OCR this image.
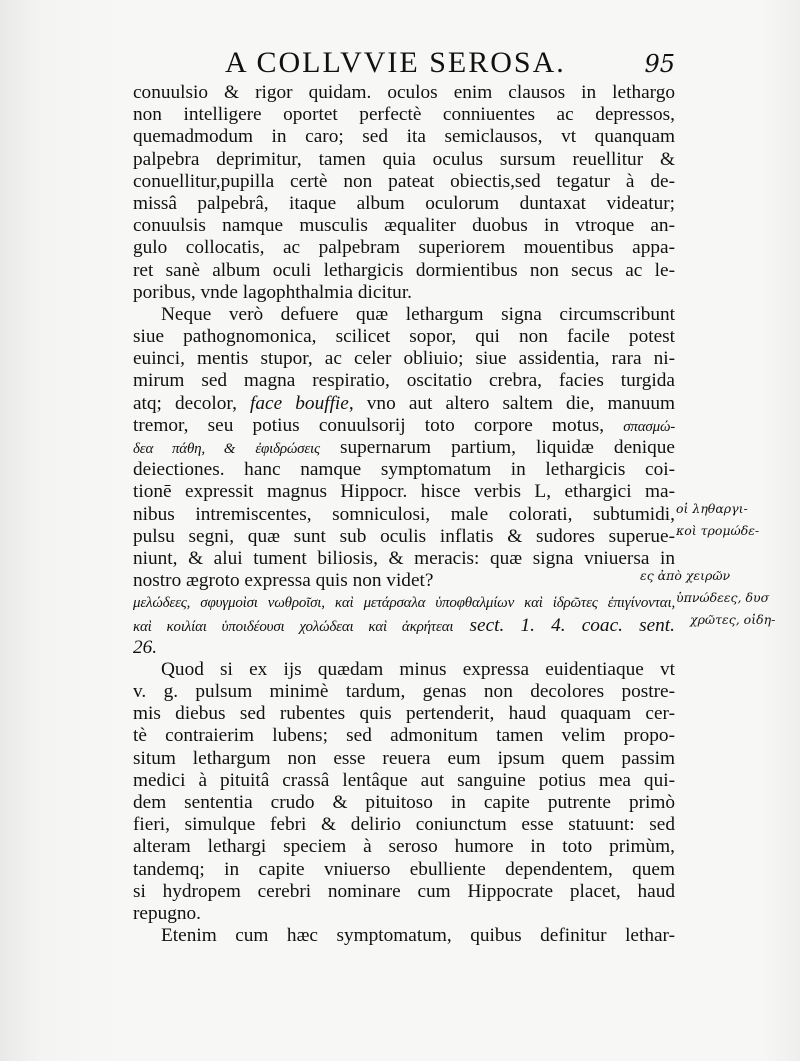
A COLLVVIE SEROSA.	95
conuulsio & rigor quidam. oculos enim clausos in lethargo
non intelligere oportet perfectè conniuentes ac depressos,
quemadmodum in caro; sed ita semiclausos, vt quanquam
palpebra deprimitur, tamen quia oculus sursum reuellitur &
conuellitur,pupilla certè non pateat obiectis,sed tegatur à de-
missâ palpebrâ, itaque album oculorum duntaxat videatur;
conuulsis namque musculis æqualiter duobus in vtroque an-
gulo collocatis, ac palpebram superiorem mouentibus appa-
ret sanè album oculi lethargicis dormientibus non secus ac le-
poribus, vnde lagophthalmia dicitur.
Neque verò defuere quæ lethargum signa circumscribunt
siue pathognomonica, scilicet sopor, qui non facile potest
euinci, mentis stupor, ac celer obliuio; siue assidentia, rara ni-
mirum sed magna respiratio, oscitatio crebra, facies turgida
atq; decolor, face bouffie, vno aut altero saltem die, manuum
tremor, seu potius conuulsorij toto corpore motus, σπασμώ-
δεα πάθη, & ἐφιδρώσεις supernarum partium, liquidæ denique
deiectiones. hanc namque symptomatum in lethargicis coi-
tionē expressit magnus Hippocr. hisce verbis L, ethargici ma-
nibus intremiscentes, somniculosi, male colorati, subtumidi,
pulsu segni, quæ sunt sub oculis inflatis & sudores superue-
niunt, & alui tument biliosis, & meracis: quæ signa vniuersa in
nostro ægroto expressa quis non videt?
μελώδεες, σφυγμοὶσι νωθροῖσι, καὶ μετάρσαλα ὑποφθαλμίων καὶ ἱδρῶτες ἐπιγίνονται,
καὶ κοιλίαι ὑποιδέουσι χολώδεαι καὶ ἀκρήτεαι sect. 1. 4. coac. sent.
26.
Quod si ex ijs quædam minus expressa euidentiaque vt
v. g. pulsum minimè tardum, genas non decolores postre-
mis diebus sed rubentes quis pertenderit, haud quaquam cer-
tè contraierim lubens; sed admonitum tamen velim propo-
situm lethargum non esse reuera eum ipsum quem passim
medici à pituitâ crassâ lentâque aut sanguine potius mea qui-
dem sententia crudo & pituitoso in capite putrente primò
fieri, simulque febri & delirio coniunctum esse statuunt: sed
alteram lethargi speciem à seroso humore in toto primùm,
tandemq; in capite vniuerso ebulliente dependentem, quem
si hydropem cerebri nominare cum Hippocrate placet, haud
repugno.
Etenim cum hæc symptomatum, quibus definitur lethar-
οἱ ληθαργι-
κοὶ τρομώδε-
ες ἀπὸ χειρῶν
ὑπνώδεες, δυσ
χρῶτες, οἰδη-
